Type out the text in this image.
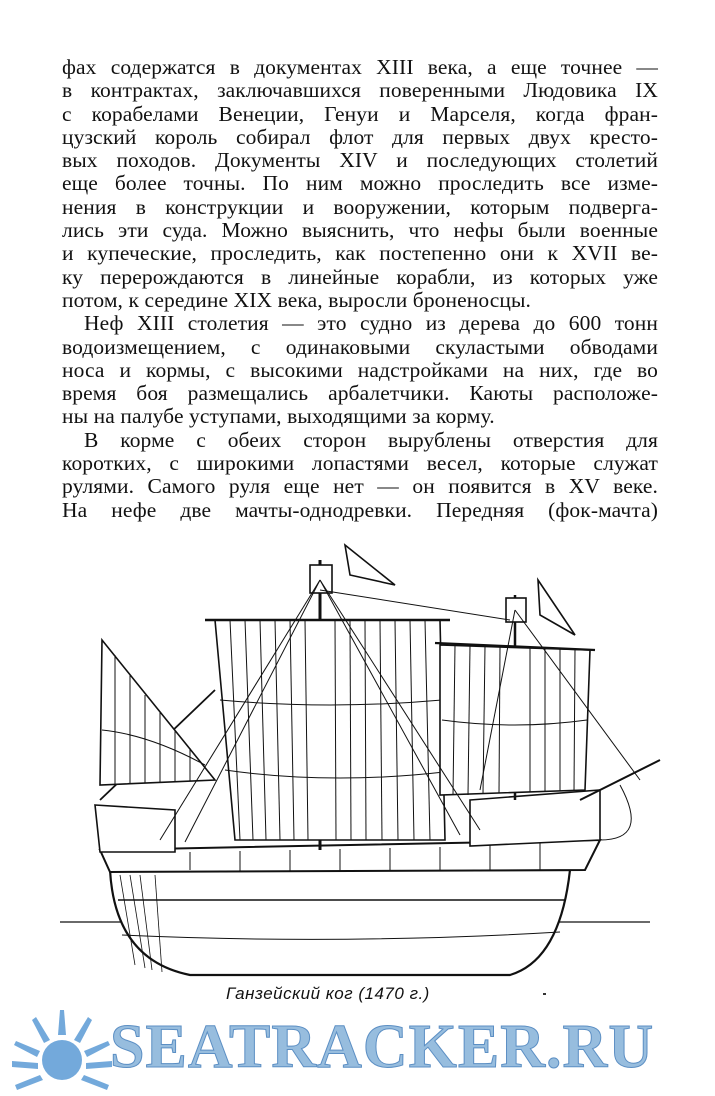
фах содержатся в документах XIII века, а еще точнее —
в контрактах, заключавшихся поверенными Людовика IX
с корабелами Венеции, Генуи и Марселя, когда фран-
цузский король собирал флот для первых двух кресто-
вых походов. Документы XIV и последующих столетий
еще более точны. По ним можно проследить все изме-
нения в конструкции и вооружении, которым подверга-
лись эти суда. Можно выяснить, что нефы были военные
и купеческие, проследить, как постепенно они к XVII ве-
ку перерождаются в линейные корабли, из которых уже
потом, к середине XIX века, выросли броненосцы.
Неф XIII столетия — это судно из дерева до 600 тонн
водоизмещением, с одинаковыми скуластыми обводами
носа и кормы, с высокими надстройками на них, где во
время боя размещались арбалетчики. Каюты расположе-
ны на палубе уступами, выходящими за корму.
В корме с обеих сторон вырублены отверстия для
коротких, с широкими лопастями весел, которые служат
рулями. Самого руля еще нет — он появится в XV веке.
На нефе две мачты-однодревки. Передняя (фок-мачта)
Ганзейский ког (1470 г.)
SEATRACKER.RU
